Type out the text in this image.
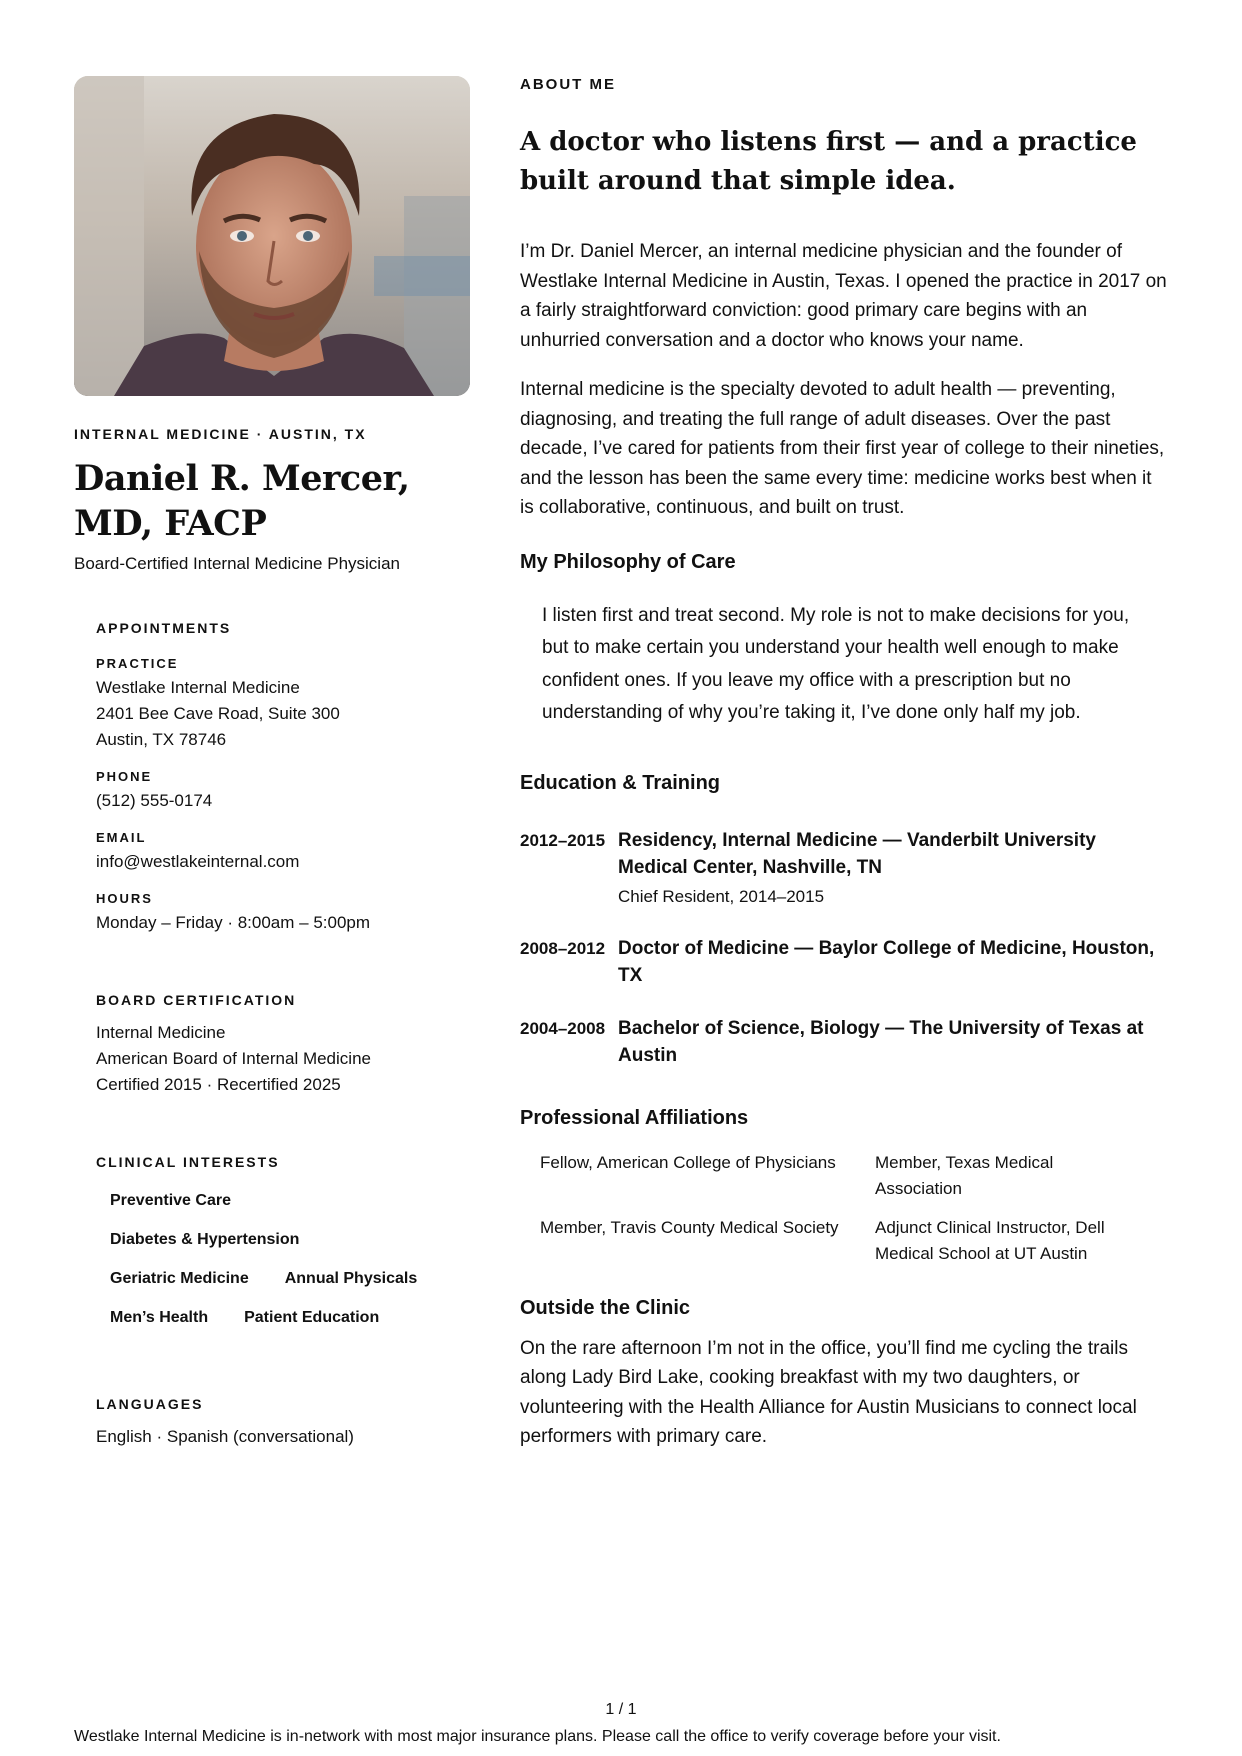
INTERNAL MEDICINE · AUSTIN, TX
Daniel R. Mercer, MD, FACP
Board-Certified Internal Medicine Physician
APPOINTMENTS
PRACTICE
Westlake Internal Medicine
2401 Bee Cave Road, Suite 300
Austin, TX 78746
PHONE
(512) 555-0174
EMAIL
info@westlakeinternal.com
HOURS
Monday – Friday · 8:00am – 5:00pm
BOARD CERTIFICATION
Internal Medicine
American Board of Internal Medicine
Certified 2015 · Recertified 2025
CLINICAL INTERESTS
Preventive Care
Diabetes & Hypertension
Geriatric Medicine	Annual Physicals
Men’s Health	Patient Education
LANGUAGES
English · Spanish (conversational)
ABOUT ME
A doctor who listens first — and a practice built around that simple idea.

I’m Dr. Daniel Mercer, an internal medicine physician and the founder of Westlake Internal Medicine in Austin, Texas. I opened the practice in 2017 on a fairly straightforward conviction: good primary care begins with an unhurried conversation and a doctor who knows your name.

Internal medicine is the specialty devoted to adult health — preventing, diagnosing, and treating the full range of adult diseases. Over the past decade, I’ve cared for patients from their first year of college to their nineties, and the lesson has been the same every time: medicine works best when it is collaborative, continuous, and built on trust.

My Philosophy of Care
I listen first and treat second. My role is not to make decisions for you, but to make certain you understand your health well enough to make confident ones. If you leave my office with a prescription but no understanding of why you’re taking it, I’ve done only half my job.
Education & Training
2012–2015 Residency, Internal Medicine — Vanderbilt University Medical Center, Nashville, TN
Chief Resident, 2014–2015
2008–2012 Doctor of Medicine — Baylor College of Medicine, Houston, TX
2004–2008 Bachelor of Science, Biology — The University of Texas at Austin
Professional Affiliations
Fellow, American College of Physicians	Member, Texas Medical Association
Member, Travis County Medical Society	Adjunct Clinical Instructor, Dell Medical School at UT Austin
Outside the Clinic

On the rare afternoon I’m not in the office, you’ll find me cycling the trails along Lady Bird Lake, cooking breakfast with my two daughters, or volunteering with the Health Alliance for Austin Musicians to connect local performers with primary care.

1 / 1
Westlake Internal Medicine is in-network with most major insurance plans. Please call the office to verify coverage before your visit.
